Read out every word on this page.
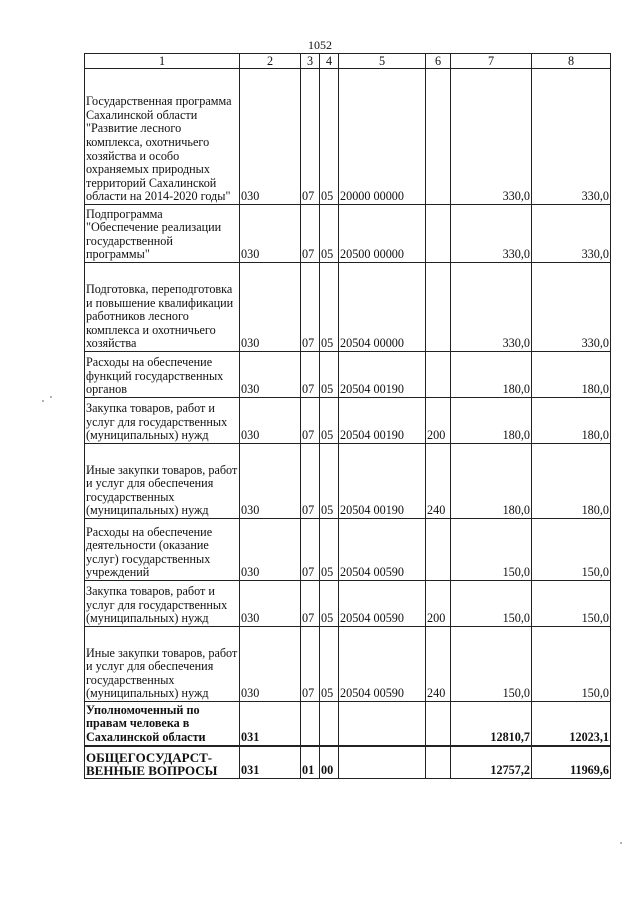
1052
1	2	3	4	5	6	7	8
Государственная программа Сахалинской области "Развитие лесного комплекса, охотничьего хозяйства и особо охраняемых природных территорий Сахалинской области на 2014-2020 годы"	030	07	05	20000 00000		330,0	330,0
Подпрограмма "Обеспечение реализации государственной программы"	030	07	05	20500 00000		330,0	330,0
Подготовка, переподготовка и повышение квалификации работников лесного комплекса и охотничьего хозяйства	030	07	05	20504 00000		330,0	330,0
Расходы на обеспечение функций государственных органов	030	07	05	20504 00190		180,0	180,0
Закупка товаров, работ и услуг для государственных (муниципальных) нужд	030	07	05	20504 00190	200	180,0	180,0
Иные закупки товаров, работ и услуг для обеспечения государственных (муниципальных) нужд	030	07	05	20504 00190	240	180,0	180,0
Расходы на обеспечение деятельности (оказание услуг) государственных учреждений	030	07	05	20504 00590		150,0	150,0
Закупка товаров, работ и услуг для государственных (муниципальных) нужд	030	07	05	20504 00590	200	150,0	150,0
Иные закупки товаров, работ и услуг для обеспечения государственных (муниципальных) нужд	030	07	05	20504 00590	240	150,0	150,0
Уполномоченный по правам человека в Сахалинской области	031					12810,7	12023,1
ОБЩЕГОСУДАРСТ-ВЕННЫЕ ВОПРОСЫ	031	01	00			12757,2	11969,6
